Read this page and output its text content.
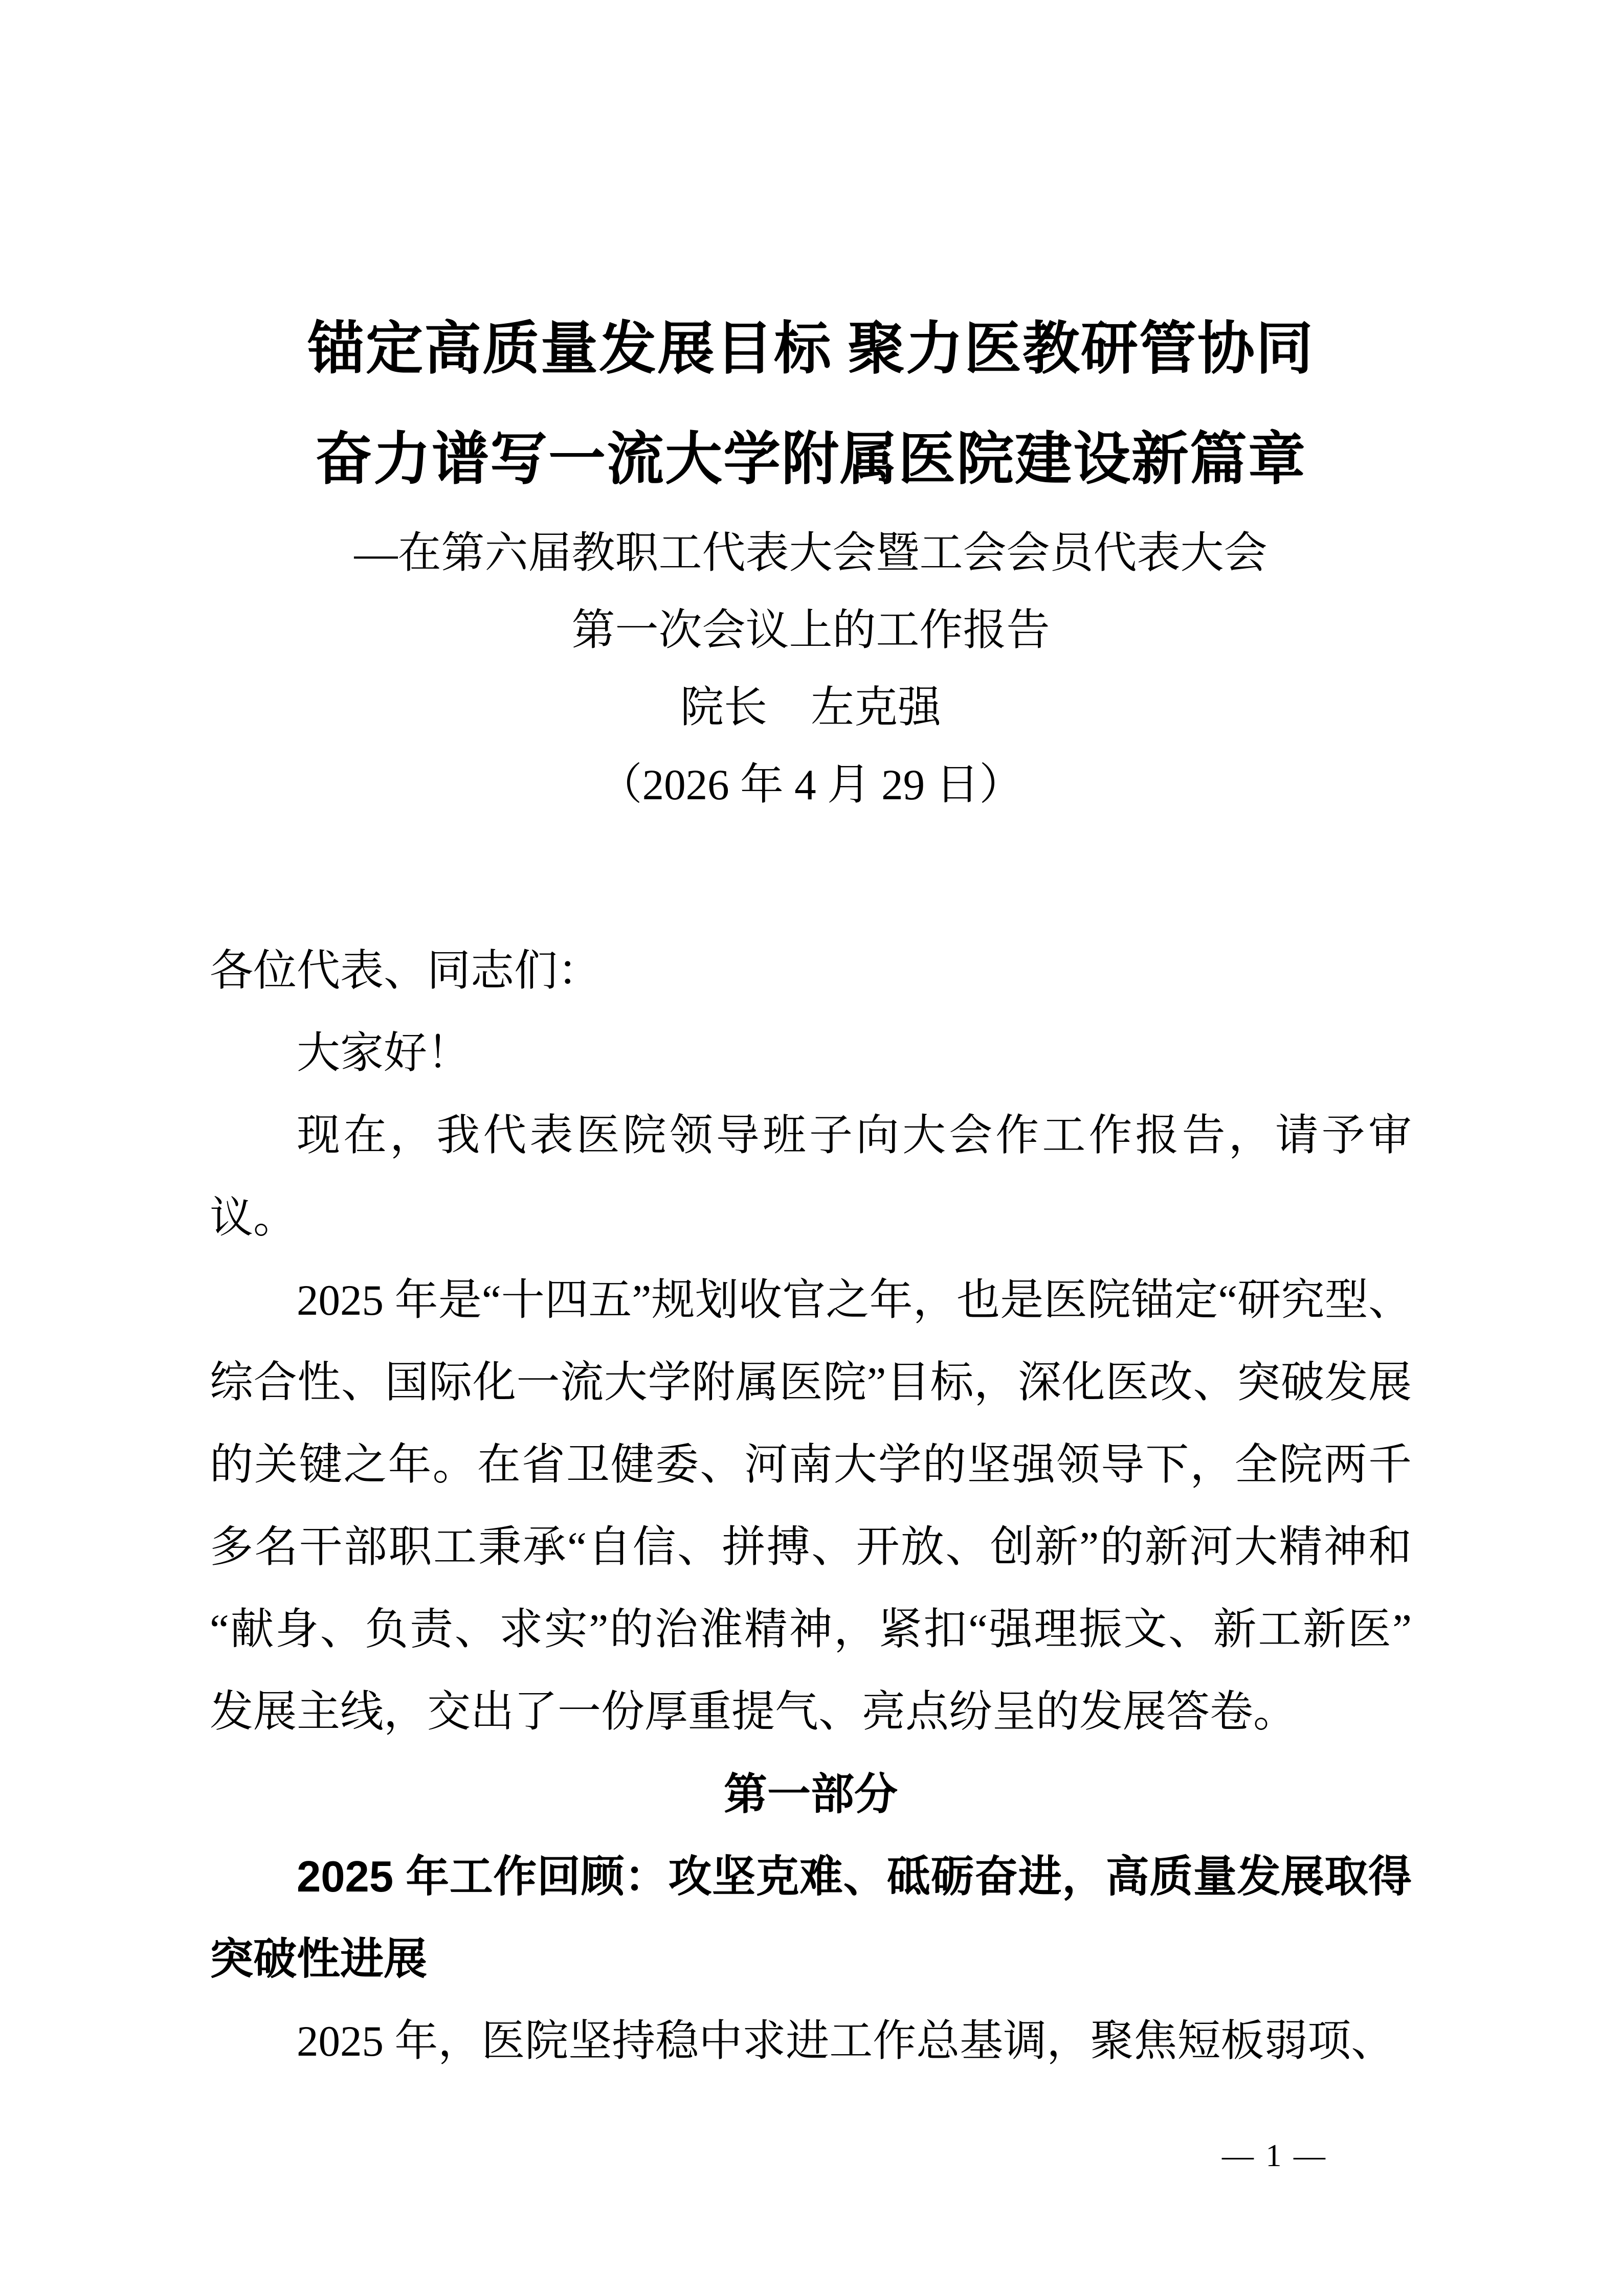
锚定高质量发展目标 聚力医教研管协同
奋力谱写一流大学附属医院建设新篇章
—在第六届教职工代表大会暨工会会员代表大会
第一次会议上的工作报告
院长　左克强
（2026 年 4 月 29 日）

各位代表、同志们：

大家好！

现在，我代表医院领导班子向大会作工作报告，请予审议。

2025 年是“十四五”规划收官之年，也是医院锚定“研究型、综合性、国际化一流大学附属医院”目标，深化医改、突破发展的关键之年。在省卫健委、河南大学的坚强领导下，全院两千多名干部职工秉承“自信、拼搏、开放、创新”的新河大精神和“献身、负责、求实”的治淮精神，紧扣“强理振文、新工新医”发展主线，交出了一份厚重提气、亮点纷呈的发展答卷。

第一部分

2025 年工作回顾：攻坚克难、砥砺奋进，高质量发展取得突破性进展

2025 年，医院坚持稳中求进工作总基调，聚焦短板弱项、

— 1 —
